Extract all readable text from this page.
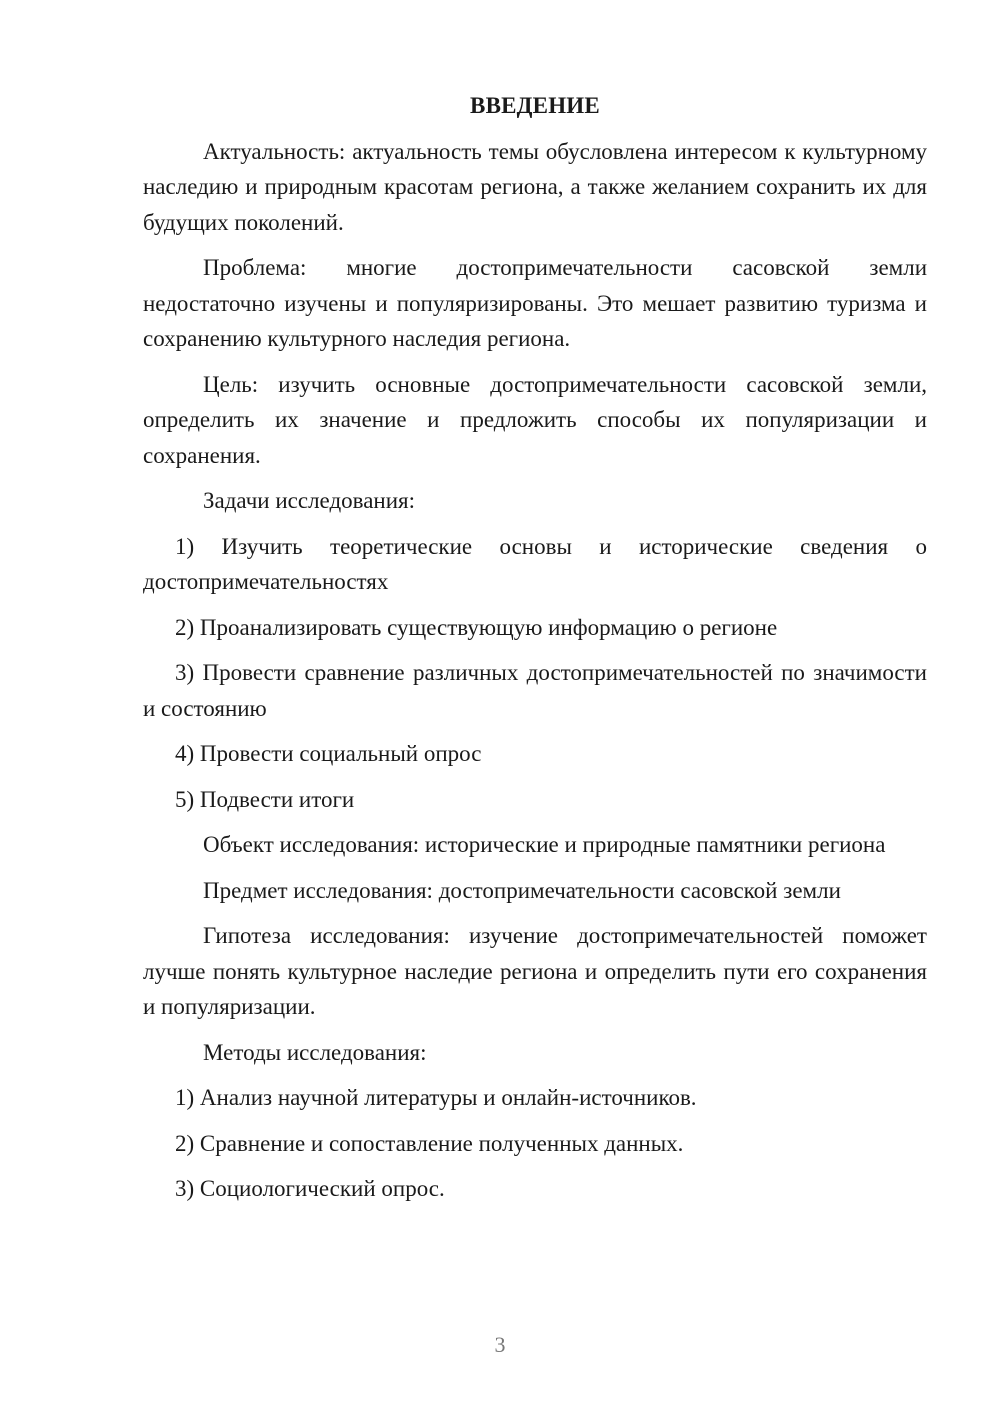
ВВЕДЕНИЕ

Актуальность: актуальность темы обусловлена интересом к культурному наследию и природным красотам региона, а также желанием сохранить их для будущих поколений.

Проблема: многие достопримечательности сасовской земли недостаточно изучены и популяризированы. Это мешает развитию туризма и сохранению культурного наследия региона.

Цель: изучить основные достопримечательности сасовской земли, определить их значение и предложить способы их популяризации и сохранения.

Задачи исследования:

1) Изучить теоретические основы и исторические сведения о достопримечательностях

2) Проанализировать существующую информацию о регионе

3) Провести сравнение различных достопримечательностей по значимости и состоянию

4) Провести социальный опрос

5) Подвести итоги

Объект исследования: исторические и природные памятники региона

Предмет исследования: достопримечательности сасовской земли

Гипотеза исследования: изучение достопримечательностей поможет лучше понять культурное наследие региона и определить пути его сохранения и популяризации.

Методы исследования:

1) Анализ научной литературы и онлайн-источников.

2) Сравнение и сопоставление полученных данных.

3) Социологический опрос.

3
